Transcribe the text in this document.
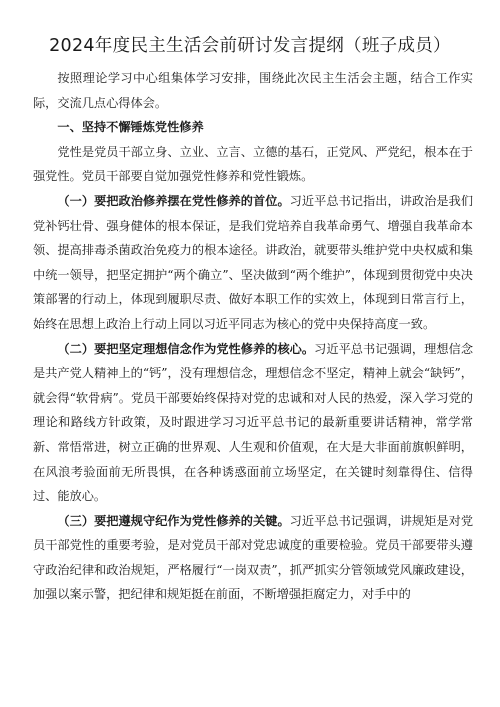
2024年度民主生活会前研讨发言提纲（班子成员）

按照理论学习中心组集体学习安排，围绕此次民主生活会主题，结合工作实际，交流几点心得体会。

一、坚持不懈锤炼党性修养

党性是党员干部立身、立业、立言、立德的基石，正党风、严党纪，根本在于强党性。党员干部要自觉加强党性修养和党性锻炼。

（一）要把政治修养摆在党性修养的首位。习近平总书记指出，讲政治是我们党补钙壮骨、强身健体的根本保证，是我们党培养自我革命勇气、增强自我革命本领、提高排毒杀菌政治免疫力的根本途径。讲政治，就要带头维护党中央权威和集中统一领导，把坚定拥护“两个确立”、坚决做到“两个维护”，体现到贯彻党中央决策部署的行动上，体现到履职尽责、做好本职工作的实效上，体现到日常言行上，始终在思想上政治上行动上同以习近平同志为核心的党中央保持高度一致。

（二）要把坚定理想信念作为党性修养的核心。习近平总书记强调，理想信念是共产党人精神上的“钙”，没有理想信念，理想信念不坚定，精神上就会“缺钙”，就会得“软骨病”。党员干部要始终保持对党的忠诚和对人民的热爱，深入学习党的理论和路线方针政策，及时跟进学习习近平总书记的最新重要讲话精神，常学常新、常悟常进，树立正确的世界观、人生观和价值观，在大是大非面前旗帜鲜明，在风浪考验面前无所畏惧，在各种诱惑面前立场坚定，在关键时刻靠得住、信得过、能放心。

（三）要把遵规守纪作为党性修养的关键。习近平总书记强调，讲规矩是对党员干部党性的重要考验，是对党员干部对党忠诚度的重要检验。党员干部要带头遵守政治纪律和政治规矩，严格履行“一岗双责”，抓严抓实分管领域党风廉政建设，加强以案示警，把纪律和规矩挺在前面，不断增强拒腐定力，对手中的
